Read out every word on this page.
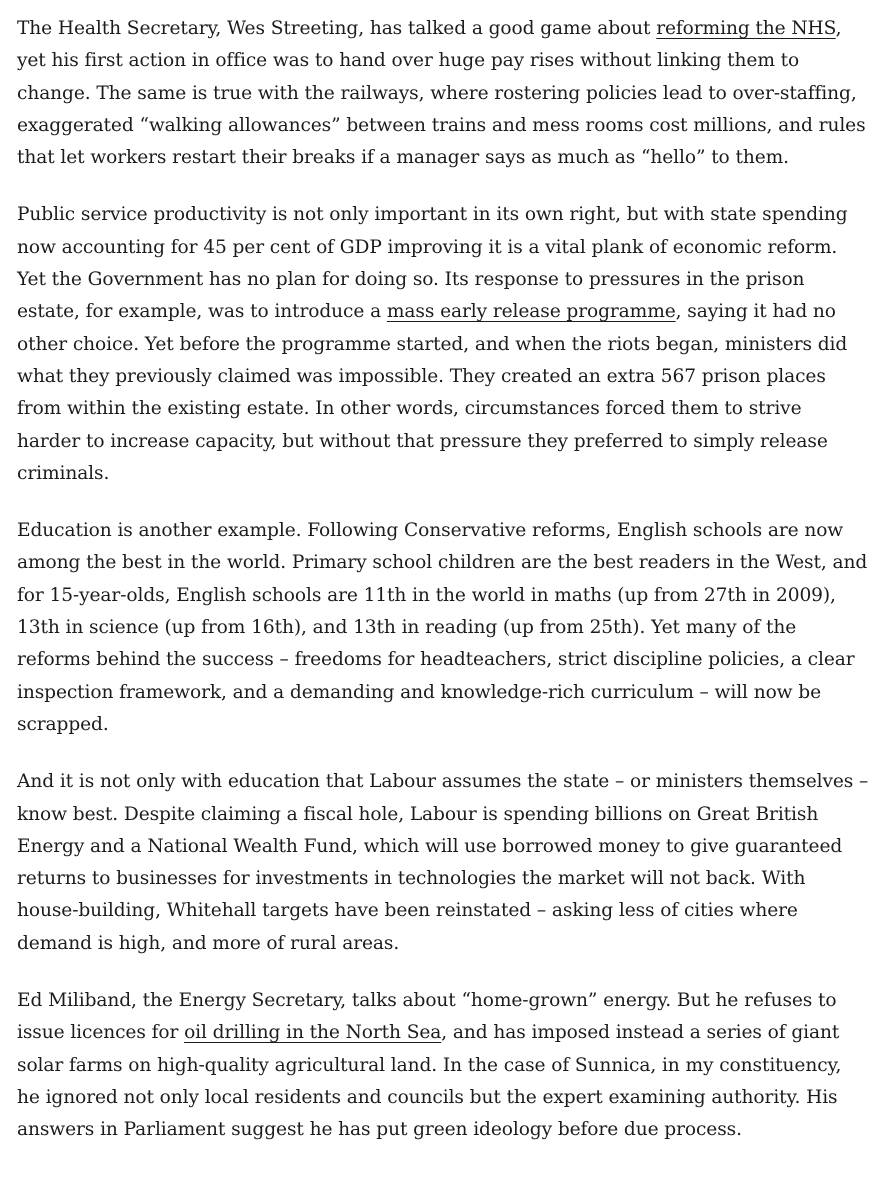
The Health Secretary, Wes Streeting, has talked a good game about reforming the NHS, yet his first action in office was to hand over huge pay rises without linking them to change. The same is true with the railways, where rostering policies lead to over-staffing, exaggerated “walking allowances” between trains and mess rooms cost millions, and rules that let workers restart their breaks if a manager says as much as “hello” to them.

Public service productivity is not only important in its own right, but with state spending now accounting for 45 per cent of GDP improving it is a vital plank of economic reform. Yet the Government has no plan for doing so. Its response to pressures in the prison estate, for example, was to introduce a mass early release programme, saying it had no other choice. Yet before the programme started, and when the riots began, ministers did what they previously claimed was impossible. They created an extra 567 prison places from within the existing estate. In other words, circumstances forced them to strive harder to increase capacity, but without that pressure they preferred to simply release criminals.

Education is another example. Following Conservative reforms, English schools are now among the best in the world. Primary school children are the best readers in the West, and for 15-year-olds, English schools are 11th in the world in maths (up from 27th in 2009), 13th in science (up from 16th), and 13th in reading (up from 25th). Yet many of the reforms behind the success – freedoms for headteachers, strict discipline policies, a clear inspection framework, and a demanding and knowledge-rich curriculum – will now be scrapped.

And it is not only with education that Labour assumes the state – or ministers themselves – know best. Despite claiming a fiscal hole, Labour is spending billions on Great British Energy and a National Wealth Fund, which will use borrowed money to give guaranteed returns to businesses for investments in technologies the market will not back. With house-building, Whitehall targets have been reinstated – asking less of cities where demand is high, and more of rural areas.

Ed Miliband, the Energy Secretary, talks about “home-grown” energy. But he refuses to issue licences for oil drilling in the North Sea, and has imposed instead a series of giant solar farms on high-quality agricultural land. In the case of Sunnica, in my constituency, he ignored not only local residents and councils but the expert examining authority. His answers in Parliament suggest he has put green ideology before due process.
